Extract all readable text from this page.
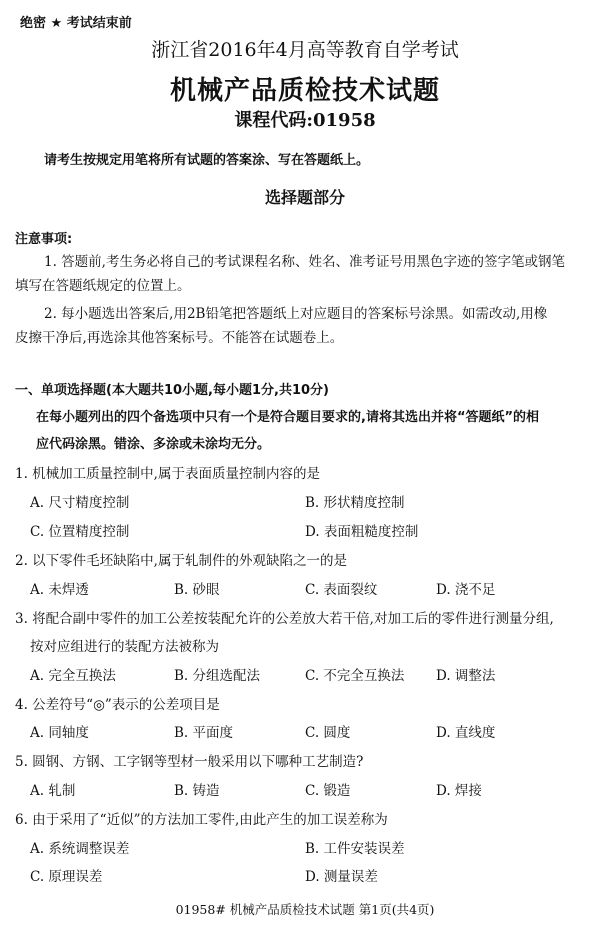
绝密 ★ 考试结束前
浙江省2016年4月高等教育自学考试
机械产品质检技术试题
课程代码:01958
请考生按规定用笔将所有试题的答案涂、写在答题纸上。
选择题部分
注意事项:
1. 答题前,考生务必将自己的考试课程名称、姓名、准考证号用黑色字迹的签字笔或钢笔
填写在答题纸规定的位置上。
2. 每小题选出答案后,用2B铅笔把答题纸上对应题目的答案标号涂黑。如需改动,用橡
皮擦干净后,再选涂其他答案标号。不能答在试题卷上。
一、单项选择题(本大题共10小题,每小题1分,共10分)
在每小题列出的四个备选项中只有一个是符合题目要求的,请将其选出并将“答题纸”的相
应代码涂黑。错涂、多涂或未涂均无分。
1. 机械加工质量控制中,属于表面质量控制内容的是
A. 尺寸精度控制	B. 形状精度控制
C. 位置精度控制	D. 表面粗糙度控制
2. 以下零件毛坯缺陷中,属于轧制件的外观缺陷之一的是
A. 未焊透	B. 砂眼	C. 表面裂纹	D. 浇不足
3. 将配合副中零件的加工公差按装配允许的公差放大若干倍,对加工后的零件进行测量分组,
按对应组进行的装配方法被称为
A. 完全互换法	B. 分组选配法	C. 不完全互换法 D. 调整法
4. 公差符号“◎”表示的公差项目是
A. 同轴度	B. 平面度	C. 圆度	D. 直线度
5. 圆钢、方钢、工字钢等型材一般采用以下哪种工艺制造?
A. 轧制	B. 铸造	C. 锻造	D. 焊接
6. 由于采用了“近似”的方法加工零件,由此产生的加工误差称为
A. 系统调整误差	B. 工件安装误差
C. 原理误差	D. 测量误差
01958# 机械产品质检技术试题 第1页(共4页)
